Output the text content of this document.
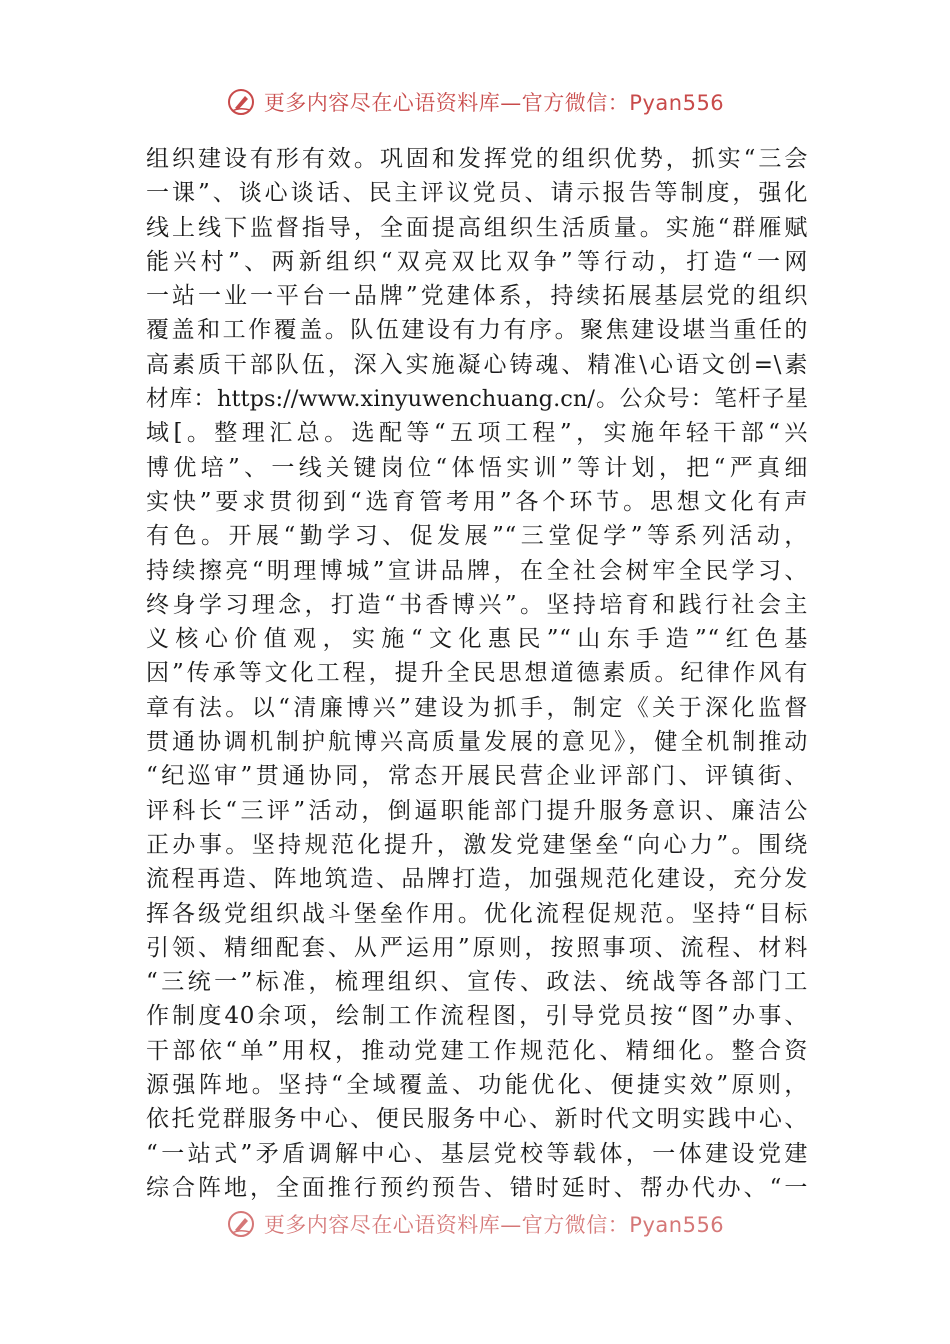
更多内容尽在心语资料库—官方微信：Pyan556
组织建设有形有效。巩固和发挥党的组织优势，抓实“三会
一课”、谈心谈话、民主评议党员、请示报告等制度，强化
线上线下监督指导，全面提高组织生活质量。实施“群雁赋
能兴村”、两新组织“双亮双比双争”等行动，打造“一网
一站一业一平台一品牌”党建体系，持续拓展基层党的组织
覆盖和工作覆盖。队伍建设有力有序。聚焦建设堪当重任的
高素质干部队伍，深入实施凝心铸魂、精准\心语文创=\素
材库：https://www.xinyuwenchuang.cn/。公众号：笔杆子星
域[。整理汇总。选配等“五项工程”，实施年轻干部“兴
博优培”、一线关键岗位“体悟实训”等计划，把“严真细
实快”要求贯彻到“选育管考用”各个环节。思想文化有声
有色。开展“勤学习、促发展”“三堂促学”等系列活动，
持续擦亮“明理博城”宣讲品牌，在全社会树牢全民学习、
终身学习理念，打造“书香博兴”。坚持培育和践行社会主
义核心价值观，实施“文化惠民”“山东手造”“红色基
因”传承等文化工程，提升全民思想道德素质。纪律作风有
章有法。以“清廉博兴”建设为抓手，制定《关于深化监督
贯通协调机制护航博兴高质量发展的意见》，健全机制推动
“纪巡审”贯通协同，常态开展民营企业评部门、评镇街、
评科长“三评”活动，倒逼职能部门提升服务意识、廉洁公
正办事。坚持规范化提升，激发党建堡垒“向心力”。围绕
流程再造、阵地筑造、品牌打造，加强规范化建设，充分发
挥各级党组织战斗堡垒作用。优化流程促规范。坚持“目标
引领、精细配套、从严运用”原则，按照事项、流程、材料
“三统一”标准，梳理组织、宣传、政法、统战等各部门工
作制度40余项，绘制工作流程图，引导党员按“图”办事、
干部依“单”用权，推动党建工作规范化、精细化。整合资
源强阵地。坚持“全域覆盖、功能优化、便捷实效”原则，
依托党群服务中心、便民服务中心、新时代文明实践中心、
“一站式”矛盾调解中心、基层党校等载体，一体建设党建
综合阵地，全面推行预约预告、错时延时、帮办代办、“一
更多内容尽在心语资料库—官方微信：Pyan556
